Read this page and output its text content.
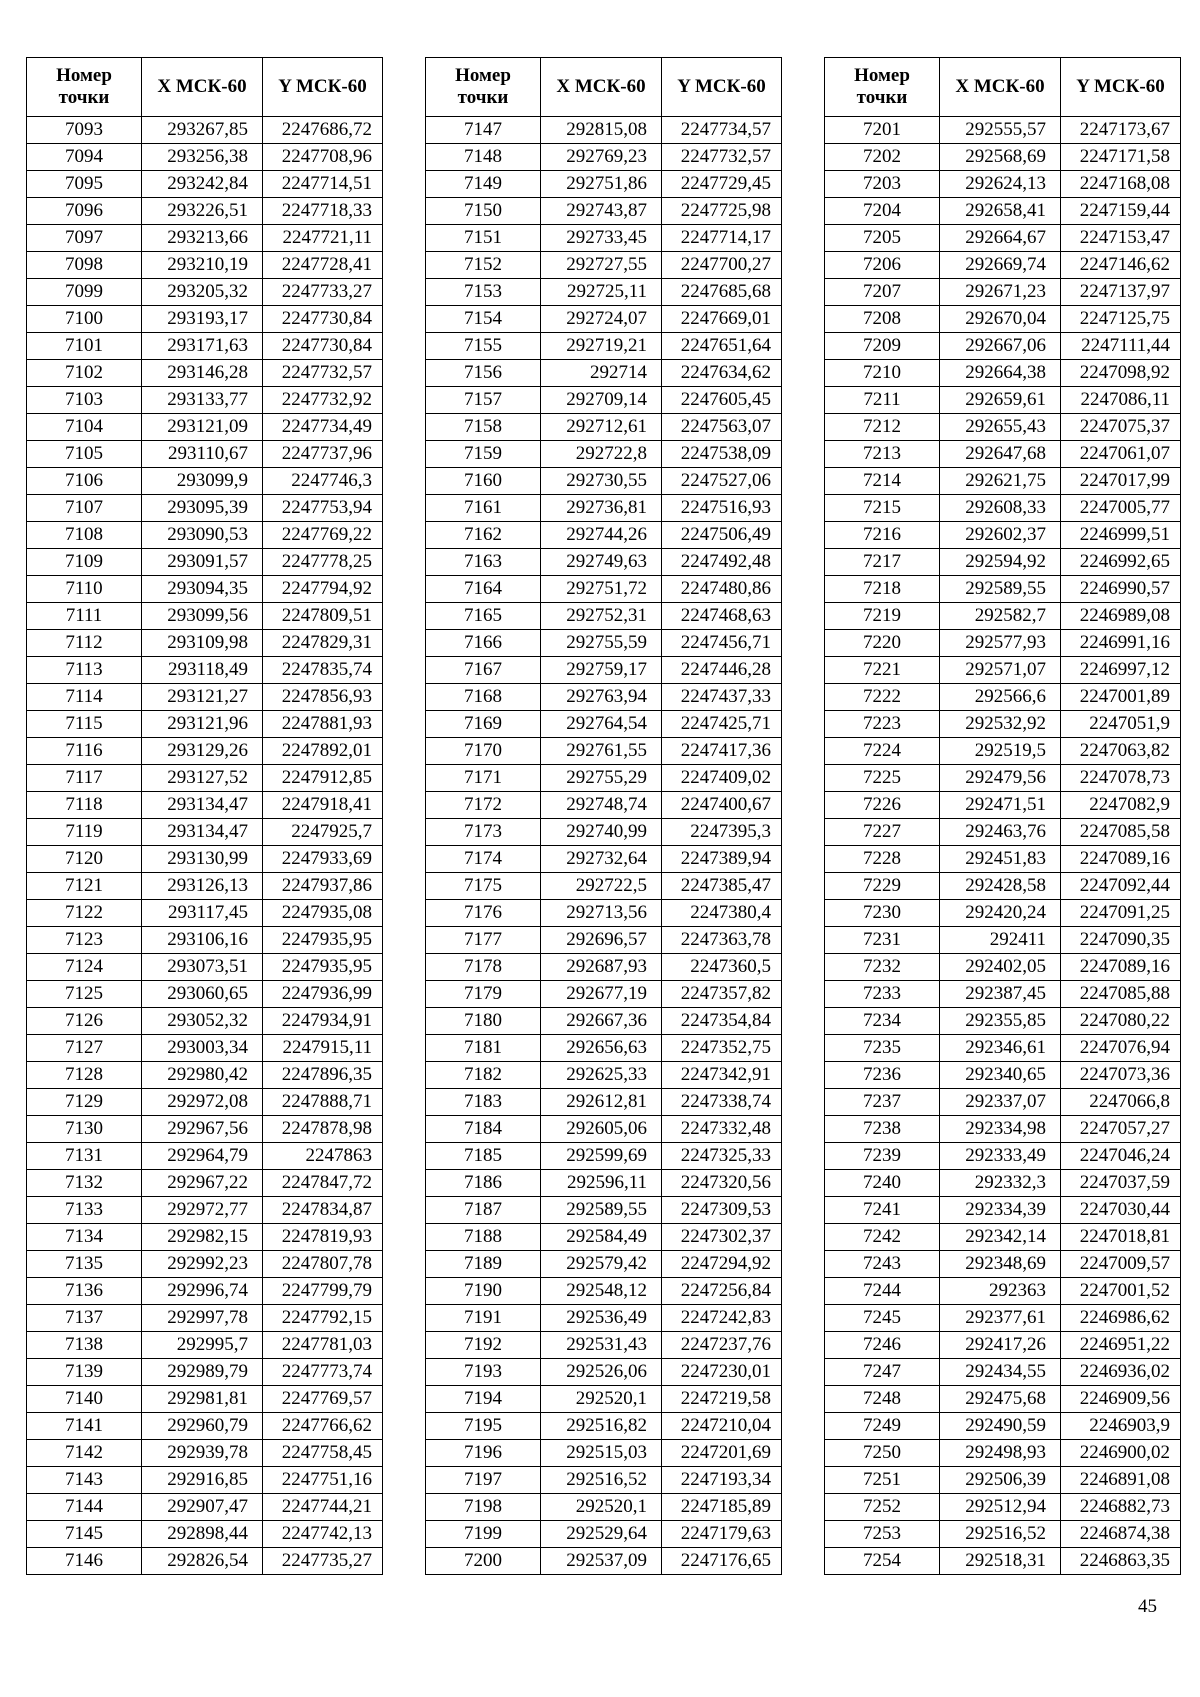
Номер
точки	X МСК-60	Y МСК-60
7093	293267,85	2247686,72
7094	293256,38	2247708,96
7095	293242,84	2247714,51
7096	293226,51	2247718,33
7097	293213,66	2247721,11
7098	293210,19	2247728,41
7099	293205,32	2247733,27
7100	293193,17	2247730,84
7101	293171,63	2247730,84
7102	293146,28	2247732,57
7103	293133,77	2247732,92
7104	293121,09	2247734,49
7105	293110,67	2247737,96
7106	293099,9	2247746,3
7107	293095,39	2247753,94
7108	293090,53	2247769,22
7109	293091,57	2247778,25
7110	293094,35	2247794,92
7111	293099,56	2247809,51
7112	293109,98	2247829,31
7113	293118,49	2247835,74
7114	293121,27	2247856,93
7115	293121,96	2247881,93
7116	293129,26	2247892,01
7117	293127,52	2247912,85
7118	293134,47	2247918,41
7119	293134,47	2247925,7
7120	293130,99	2247933,69
7121	293126,13	2247937,86
7122	293117,45	2247935,08
7123	293106,16	2247935,95
7124	293073,51	2247935,95
7125	293060,65	2247936,99
7126	293052,32	2247934,91
7127	293003,34	2247915,11
7128	292980,42	2247896,35
7129	292972,08	2247888,71
7130	292967,56	2247878,98
7131	292964,79	2247863
7132	292967,22	2247847,72
7133	292972,77	2247834,87
7134	292982,15	2247819,93
7135	292992,23	2247807,78
7136	292996,74	2247799,79
7137	292997,78	2247792,15
7138	292995,7	2247781,03
7139	292989,79	2247773,74
7140	292981,81	2247769,57
7141	292960,79	2247766,62
7142	292939,78	2247758,45
7143	292916,85	2247751,16
7144	292907,47	2247744,21
7145	292898,44	2247742,13
7146	292826,54	2247735,27
Номер
точки	X МСК-60	Y МСК-60
7147	292815,08	2247734,57
7148	292769,23	2247732,57
7149	292751,86	2247729,45
7150	292743,87	2247725,98
7151	292733,45	2247714,17
7152	292727,55	2247700,27
7153	292725,11	2247685,68
7154	292724,07	2247669,01
7155	292719,21	2247651,64
7156	292714	2247634,62
7157	292709,14	2247605,45
7158	292712,61	2247563,07
7159	292722,8	2247538,09
7160	292730,55	2247527,06
7161	292736,81	2247516,93
7162	292744,26	2247506,49
7163	292749,63	2247492,48
7164	292751,72	2247480,86
7165	292752,31	2247468,63
7166	292755,59	2247456,71
7167	292759,17	2247446,28
7168	292763,94	2247437,33
7169	292764,54	2247425,71
7170	292761,55	2247417,36
7171	292755,29	2247409,02
7172	292748,74	2247400,67
7173	292740,99	2247395,3
7174	292732,64	2247389,94
7175	292722,5	2247385,47
7176	292713,56	2247380,4
7177	292696,57	2247363,78
7178	292687,93	2247360,5
7179	292677,19	2247357,82
7180	292667,36	2247354,84
7181	292656,63	2247352,75
7182	292625,33	2247342,91
7183	292612,81	2247338,74
7184	292605,06	2247332,48
7185	292599,69	2247325,33
7186	292596,11	2247320,56
7187	292589,55	2247309,53
7188	292584,49	2247302,37
7189	292579,42	2247294,92
7190	292548,12	2247256,84
7191	292536,49	2247242,83
7192	292531,43	2247237,76
7193	292526,06	2247230,01
7194	292520,1	2247219,58
7195	292516,82	2247210,04
7196	292515,03	2247201,69
7197	292516,52	2247193,34
7198	292520,1	2247185,89
7199	292529,64	2247179,63
7200	292537,09	2247176,65
Номер
точки	X МСК-60	Y МСК-60
7201	292555,57	2247173,67
7202	292568,69	2247171,58
7203	292624,13	2247168,08
7204	292658,41	2247159,44
7205	292664,67	2247153,47
7206	292669,74	2247146,62
7207	292671,23	2247137,97
7208	292670,04	2247125,75
7209	292667,06	2247111,44
7210	292664,38	2247098,92
7211	292659,61	2247086,11
7212	292655,43	2247075,37
7213	292647,68	2247061,07
7214	292621,75	2247017,99
7215	292608,33	2247005,77
7216	292602,37	2246999,51
7217	292594,92	2246992,65
7218	292589,55	2246990,57
7219	292582,7	2246989,08
7220	292577,93	2246991,16
7221	292571,07	2246997,12
7222	292566,6	2247001,89
7223	292532,92	2247051,9
7224	292519,5	2247063,82
7225	292479,56	2247078,73
7226	292471,51	2247082,9
7227	292463,76	2247085,58
7228	292451,83	2247089,16
7229	292428,58	2247092,44
7230	292420,24	2247091,25
7231	292411	2247090,35
7232	292402,05	2247089,16
7233	292387,45	2247085,88
7234	292355,85	2247080,22
7235	292346,61	2247076,94
7236	292340,65	2247073,36
7237	292337,07	2247066,8
7238	292334,98	2247057,27
7239	292333,49	2247046,24
7240	292332,3	2247037,59
7241	292334,39	2247030,44
7242	292342,14	2247018,81
7243	292348,69	2247009,57
7244	292363	2247001,52
7245	292377,61	2246986,62
7246	292417,26	2246951,22
7247	292434,55	2246936,02
7248	292475,68	2246909,56
7249	292490,59	2246903,9
7250	292498,93	2246900,02
7251	292506,39	2246891,08
7252	292512,94	2246882,73
7253	292516,52	2246874,38
7254	292518,31	2246863,35
45
